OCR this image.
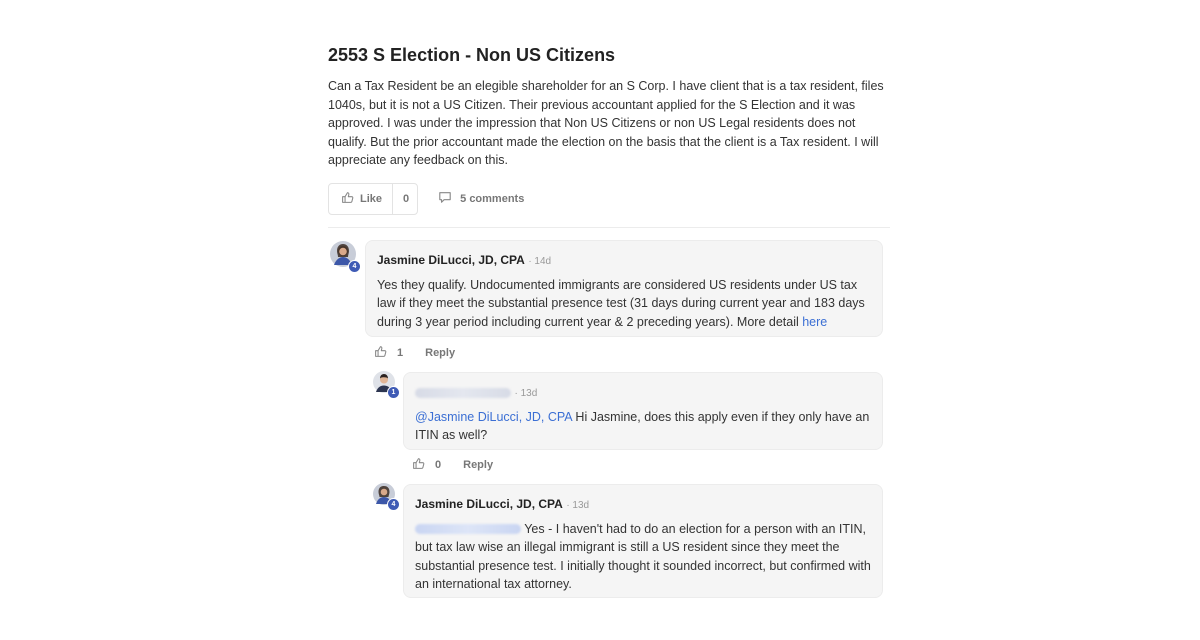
2553 S Election - Non US Citizens
Can a Tax Resident be an elegible shareholder for an S Corp. I have client that is a tax resident, files 1040s, but it is not a US Citizen. Their previous accountant applied for the S Election and it was approved. I was under the impression that Non US Citizens or non US Legal residents does not qualify. But the prior accountant made the election on the basis that the client is a Tax resident. I will appreciate any feedback on this.
Like	0	5 comments
4	Jasmine DiLucci, JD, CPA · 14d
Yes they qualify. Undocumented immigrants are considered US residents under US tax law if they meet the substantial presence test (31 days during current year and 183 days during 3 year period including current year & 2 preceding years). More detail here
1 Reply
1	· 13d
@Jasmine DiLucci, JD, CPA Hi Jasmine, does this apply even if they only have an ITIN as well?
0 Reply
4	Jasmine DiLucci, JD, CPA · 13d
Yes - I haven't had to do an election for a person with an ITIN, but tax law wise an illegal immigrant is still a US resident since they meet the substantial presence test. I initially thought it sounded incorrect, but confirmed with an international tax attorney.
